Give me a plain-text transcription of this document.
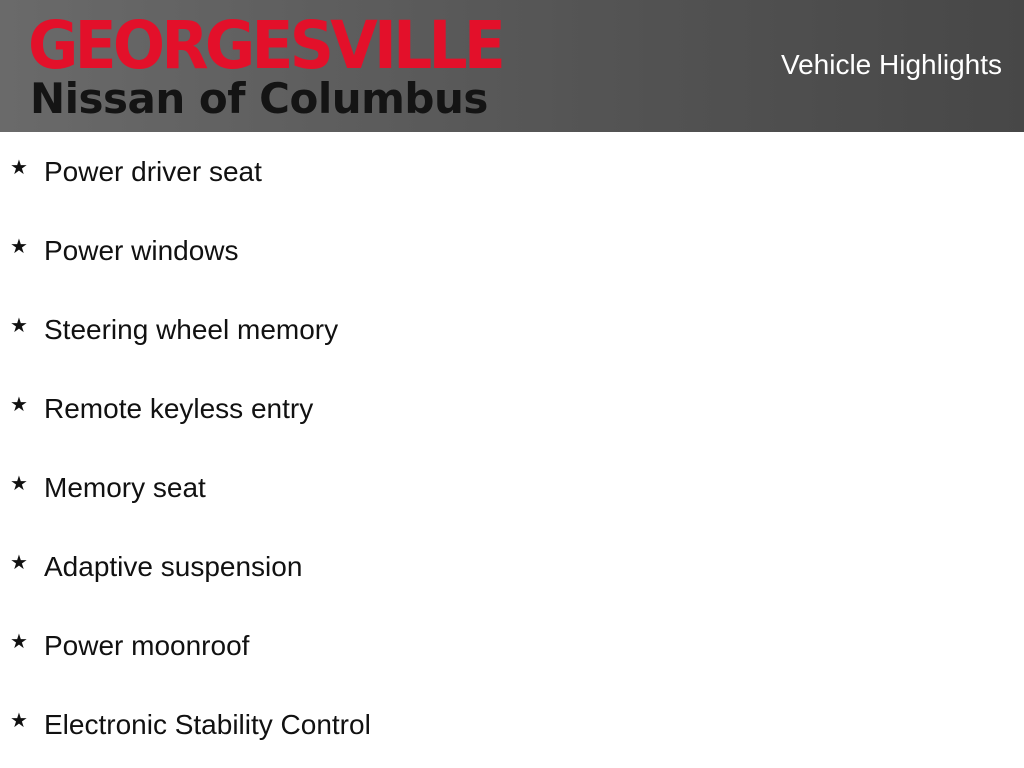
GEORGESVILLE
Nissan of Columbus
Vehicle Highlights
★ Power driver seat
★ Power windows
★ Steering wheel memory
★ Remote keyless entry
★ Memory seat
★ Adaptive suspension
★ Power moonroof
★ Electronic Stability Control
